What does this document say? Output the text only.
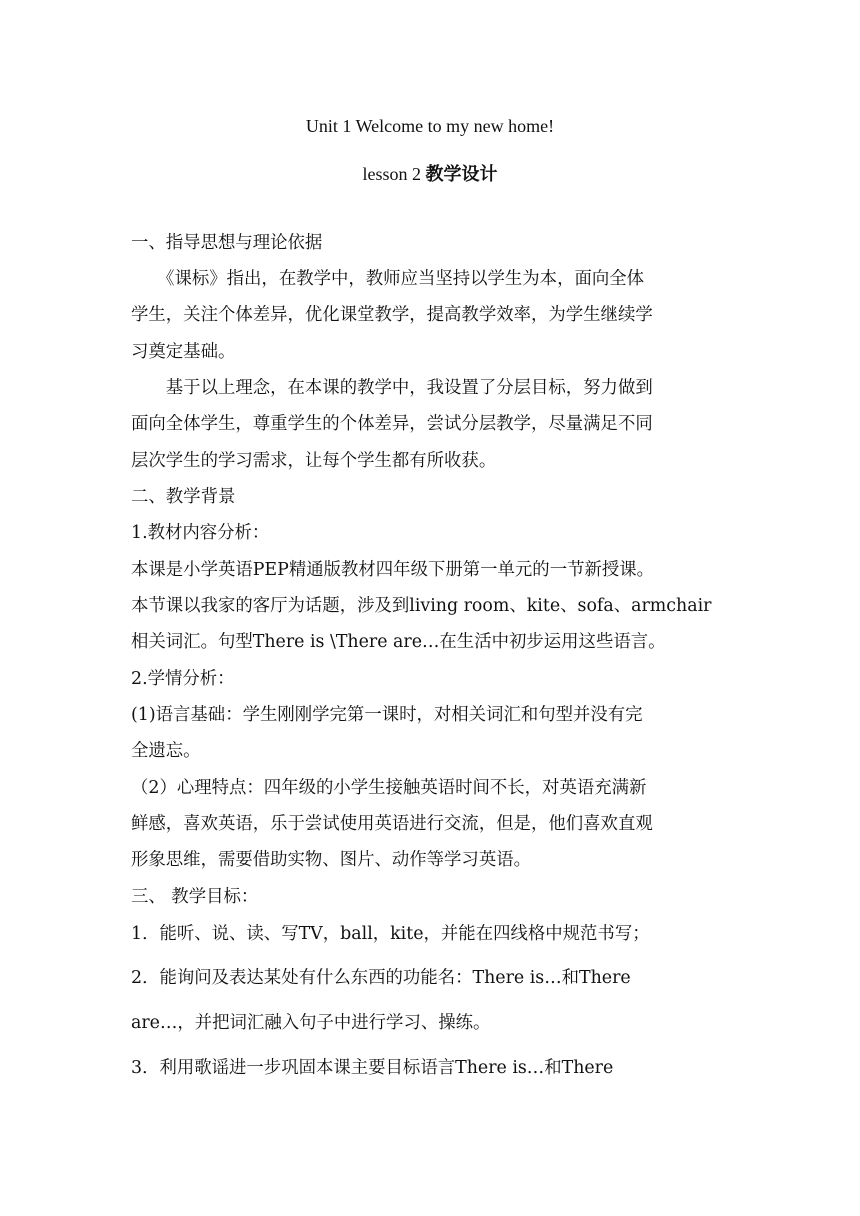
Unit 1 Welcome to my new home!
lesson 2 教学设计
一、指导思想与理论依据
　　《课标》指出，在教学中，教师应当坚持以学生为本，面向全体
学生，关注个体差异，优化课堂教学，提高教学效率，为学生继续学
习奠定基础。
　　基于以上理念，在本课的教学中，我设置了分层目标，努力做到
面向全体学生，尊重学生的个体差异，尝试分层教学，尽量满足不同
层次学生的学习需求，让每个学生都有所收获。
二、教学背景
1.教材内容分析：
本课是小学英语PEP精通版教材四年级下册第一单元的一节新授课。
本节课以我家的客厅为话题，涉及到living room、kite、sofa、armchair
相关词汇。句型There is \There are…在生活中初步运用这些语言。
2.学情分析：
(1)语言基础：学生刚刚学完第一课时，对相关词汇和句型并没有完
全遗忘。
（2）心理特点：四年级的小学生接触英语时间不长，对英语充满新
鲜感，喜欢英语，乐于尝试使用英语进行交流，但是，他们喜欢直观
形象思维，需要借助实物、图片、动作等学习英语。
三、 教学目标：
1．能听、说、读、写TV，ball，kite，并能在四线格中规范书写；
2．能询问及表达某处有什么东西的功能名：There is…和There
are…，并把词汇融入句子中进行学习、操练。
3．利用歌谣进一步巩固本课主要目标语言There is…和There
